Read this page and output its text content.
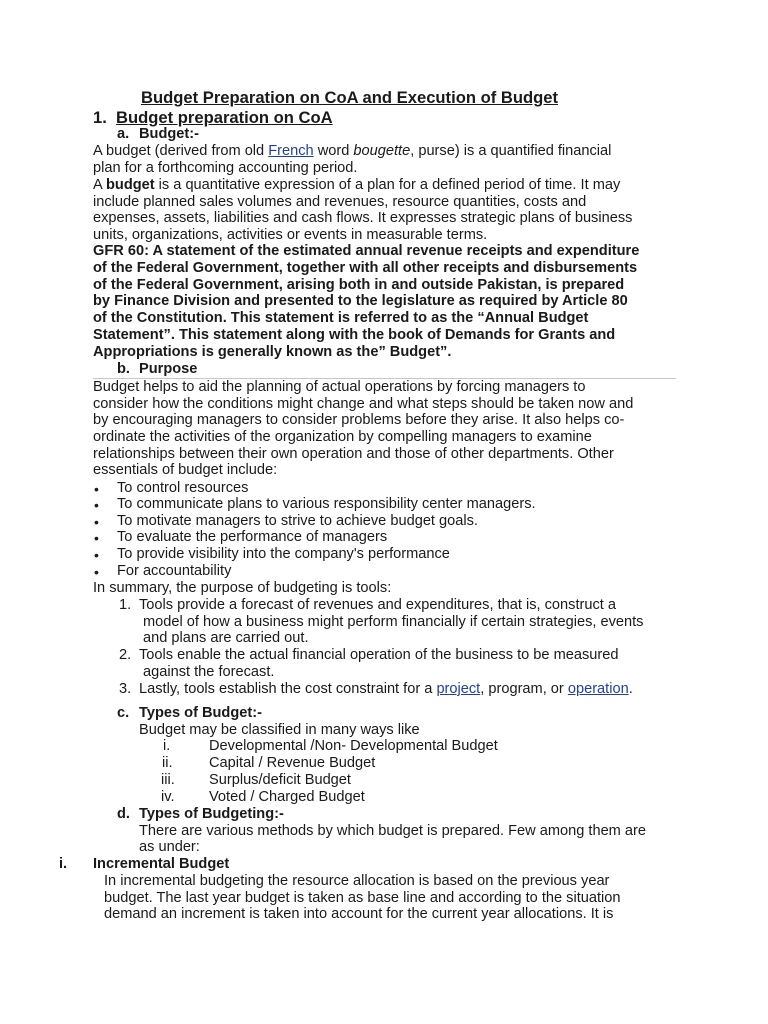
Budget Preparation on CoA and Execution of Budget
1. Budget preparation on CoA
a. Budget:-
A budget (derived from old French word bougette, purse) is a quantified financial
plan for a forthcoming accounting period.
A budget is a quantitative expression of a plan for a defined period of time. It may
include planned sales volumes and revenues, resource quantities, costs and
expenses, assets, liabilities and cash flows. It expresses strategic plans of business
units, organizations, activities or events in measurable terms.
GFR 60: A statement of the estimated annual revenue receipts and expenditure
of the Federal Government, together with all other receipts and disbursements
of the Federal Government, arising both in and outside Pakistan, is prepared
by Finance Division and presented to the legislature as required by Article 80
of the Constitution. This statement is referred to as the “Annual Budget
Statement”. This statement along with the book of Demands for Grants and
Appropriations is generally known as the” Budget”.
b. Purpose
Budget helps to aid the planning of actual operations by forcing managers to
consider how the conditions might change and what steps should be taken now and
by encouraging managers to consider problems before they arise. It also helps co-
ordinate the activities of the organization by compelling managers to examine
relationships between their own operation and those of other departments. Other
essentials of budget include:
• To control resources
• To communicate plans to various responsibility center managers.
• To motivate managers to strive to achieve budget goals.
• To evaluate the performance of managers
• To provide visibility into the company's performance
• For accountability
In summary, the purpose of budgeting is tools:
1. Tools provide a forecast of revenues and expenditures, that is, construct a
model of how a business might perform financially if certain strategies, events
and plans are carried out.
2. Tools enable the actual financial operation of the business to be measured
against the forecast.
3. Lastly, tools establish the cost constraint for a project, program, or operation.
c. Types of Budget:-
Budget may be classified in many ways like
i.	Developmental /Non- Developmental Budget
ii. Capital / Revenue Budget
iii. Surplus/deficit Budget
iv. Voted / Charged Budget
d. Types of Budgeting:-
There are various methods by which budget is prepared. Few among them are
as under:
i. Incremental Budget
In incremental budgeting the resource allocation is based on the previous year
budget. The last year budget is taken as base line and according to the situation
demand an increment is taken into account for the current year allocations. It is
